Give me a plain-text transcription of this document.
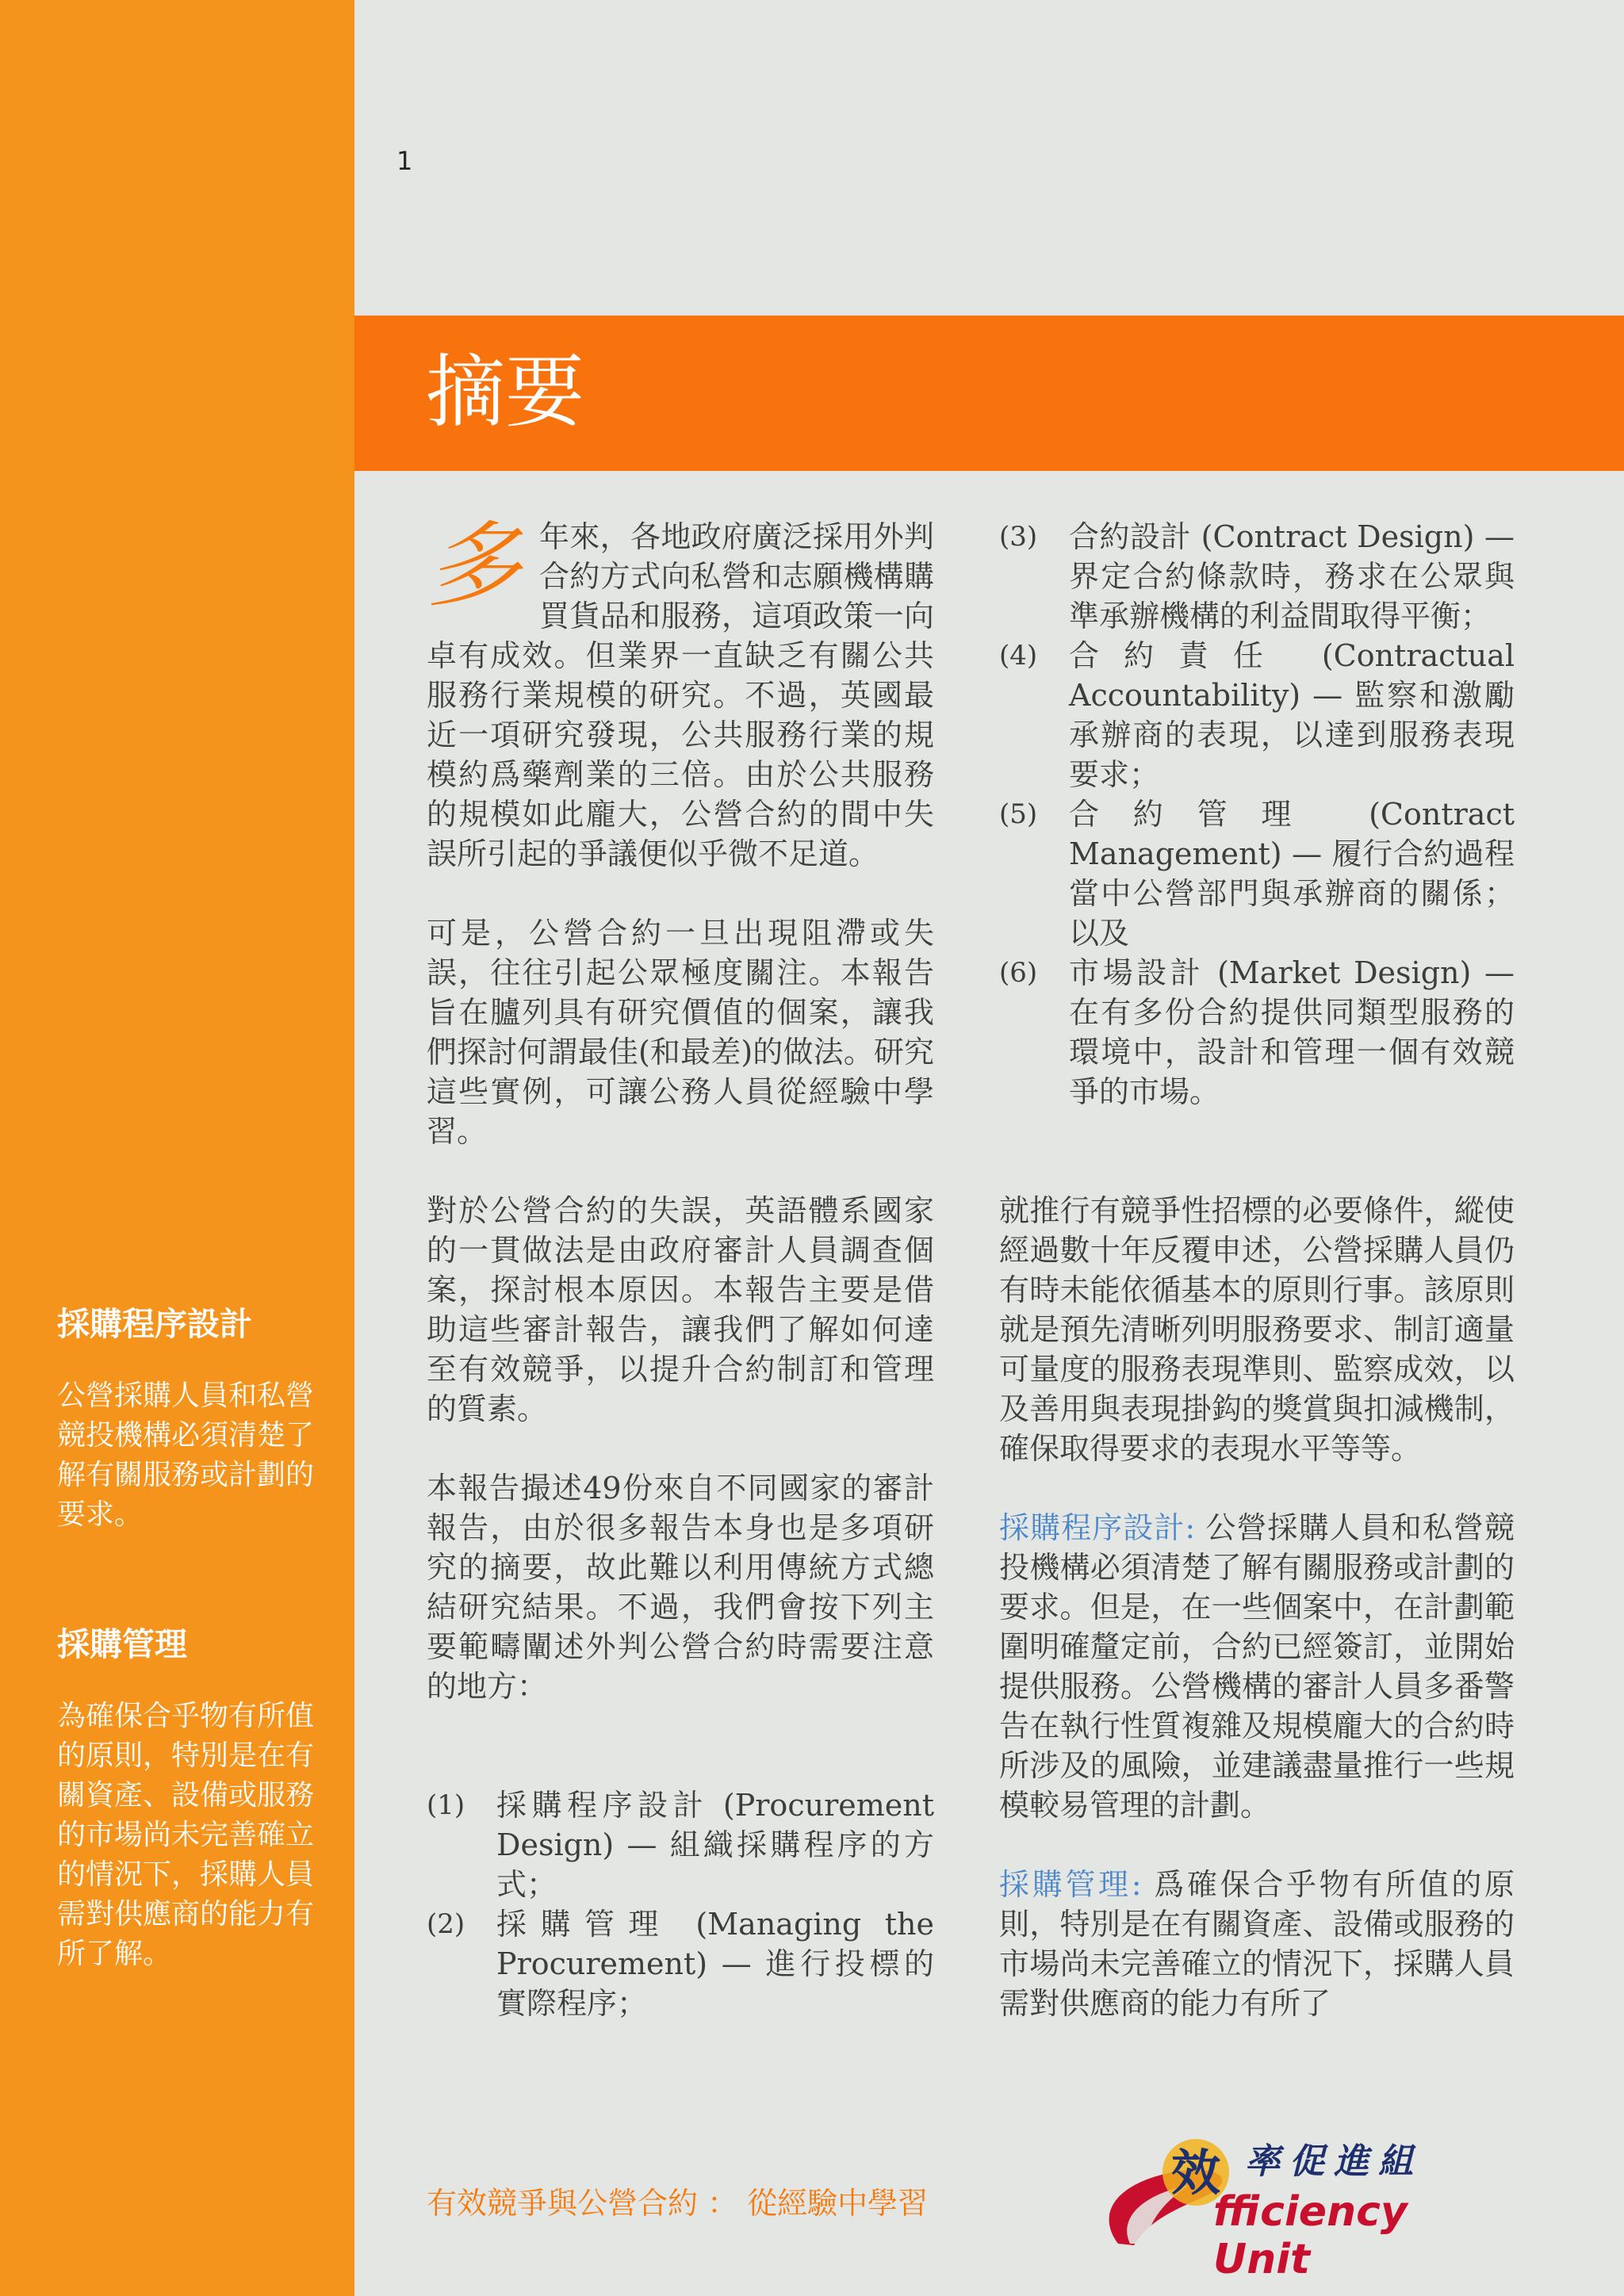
採購程序設計

公營採購人員和私營競投機構必須清楚了解有關服務或計劃的要求。

採購管理

為確保合乎物有所值的原則，特別是在有關資產、設備或服務的市場尚未完善確立的情況下，採購人員需對供應商的能力有所了解。

1
摘要

多年來，各地政府廣泛採用外判合約方式向私營和志願機構購買貨品和服務，這項政策一向卓有成效。但業界一直缺乏有關公共服務行業規模的研究。不過，英國最近一項研究發現，公共服務行業的規模約爲藥劑業的三倍。由於公共服務的規模如此龐大，公營合約的間中失誤所引起的爭議便似乎微不足道。

可是，公營合約一旦出現阻滯或失誤，往往引起公眾極度關注。本報告旨在臚列具有研究價值的個案，讓我們探討何謂最佳(和最差)的做法。研究這些實例，可讓公務人員從經驗中學習。

對於公營合約的失誤，英語體系國家的一貫做法是由政府審計人員調查個案，探討根本原因。本報告主要是借助這些審計報告，讓我們了解如何達至有效競爭，以提升合約制訂和管理的質素。

本報告撮述49份來自不同國家的審計報告，由於很多報告本身也是多項研究的摘要，故此難以利用傳統方式總結研究結果。不過，我們會按下列主要範疇闡述外判公營合約時需要注意的地方：

(1)	採購程序設計 (Procurement Design) — 組織採購程序的方式；
(2)	採購管理 (Managing the Procurement) — 進行投標的實際程序；
(3)	合約設計 (Contract Design) — 界定合約條款時，務求在公眾與準承辦機構的利益間取得平衡；
(4)	合約責任 (Contractual Accountability) — 監察和激勵承辦商的表現，以達到服務表現要求；
(5)	合約管理 (Contract Management) — 履行合約過程當中公營部門與承辦商的關係；以及
(6)	市場設計 (Market Design) — 在有多份合約提供同類型服務的環境中，設計和管理一個有效競爭的市場。

就推行有競爭性招標的必要條件，縱使經過數十年反覆申述，公營採購人員仍有時未能依循基本的原則行事。該原則就是預先清晰列明服務要求、制訂適量可量度的服務表現準則、監察成效，以及善用與表現掛鈎的獎賞與扣減機制，確保取得要求的表現水平等等。

採購程序設計: 公營採購人員和私營競投機構必須清楚了解有關服務或計劃的要求。但是，在一些個案中，在計劃範圍明確釐定前，合約已經簽訂，並開始提供服務。公營機構的審計人員多番警告在執行性質複雜及規模龐大的合約時所涉及的風險，並建議盡量推行一些規模較易管理的計劃。

採購管理: 爲確保合乎物有所值的原則，特別是在有關資產、設備或服務的市場尚未完善確立的情況下，採購人員需對供應商的能力有所了

有效競爭與公營合約 ： 從經驗中學習

效 率促進組

fficiency Unit
